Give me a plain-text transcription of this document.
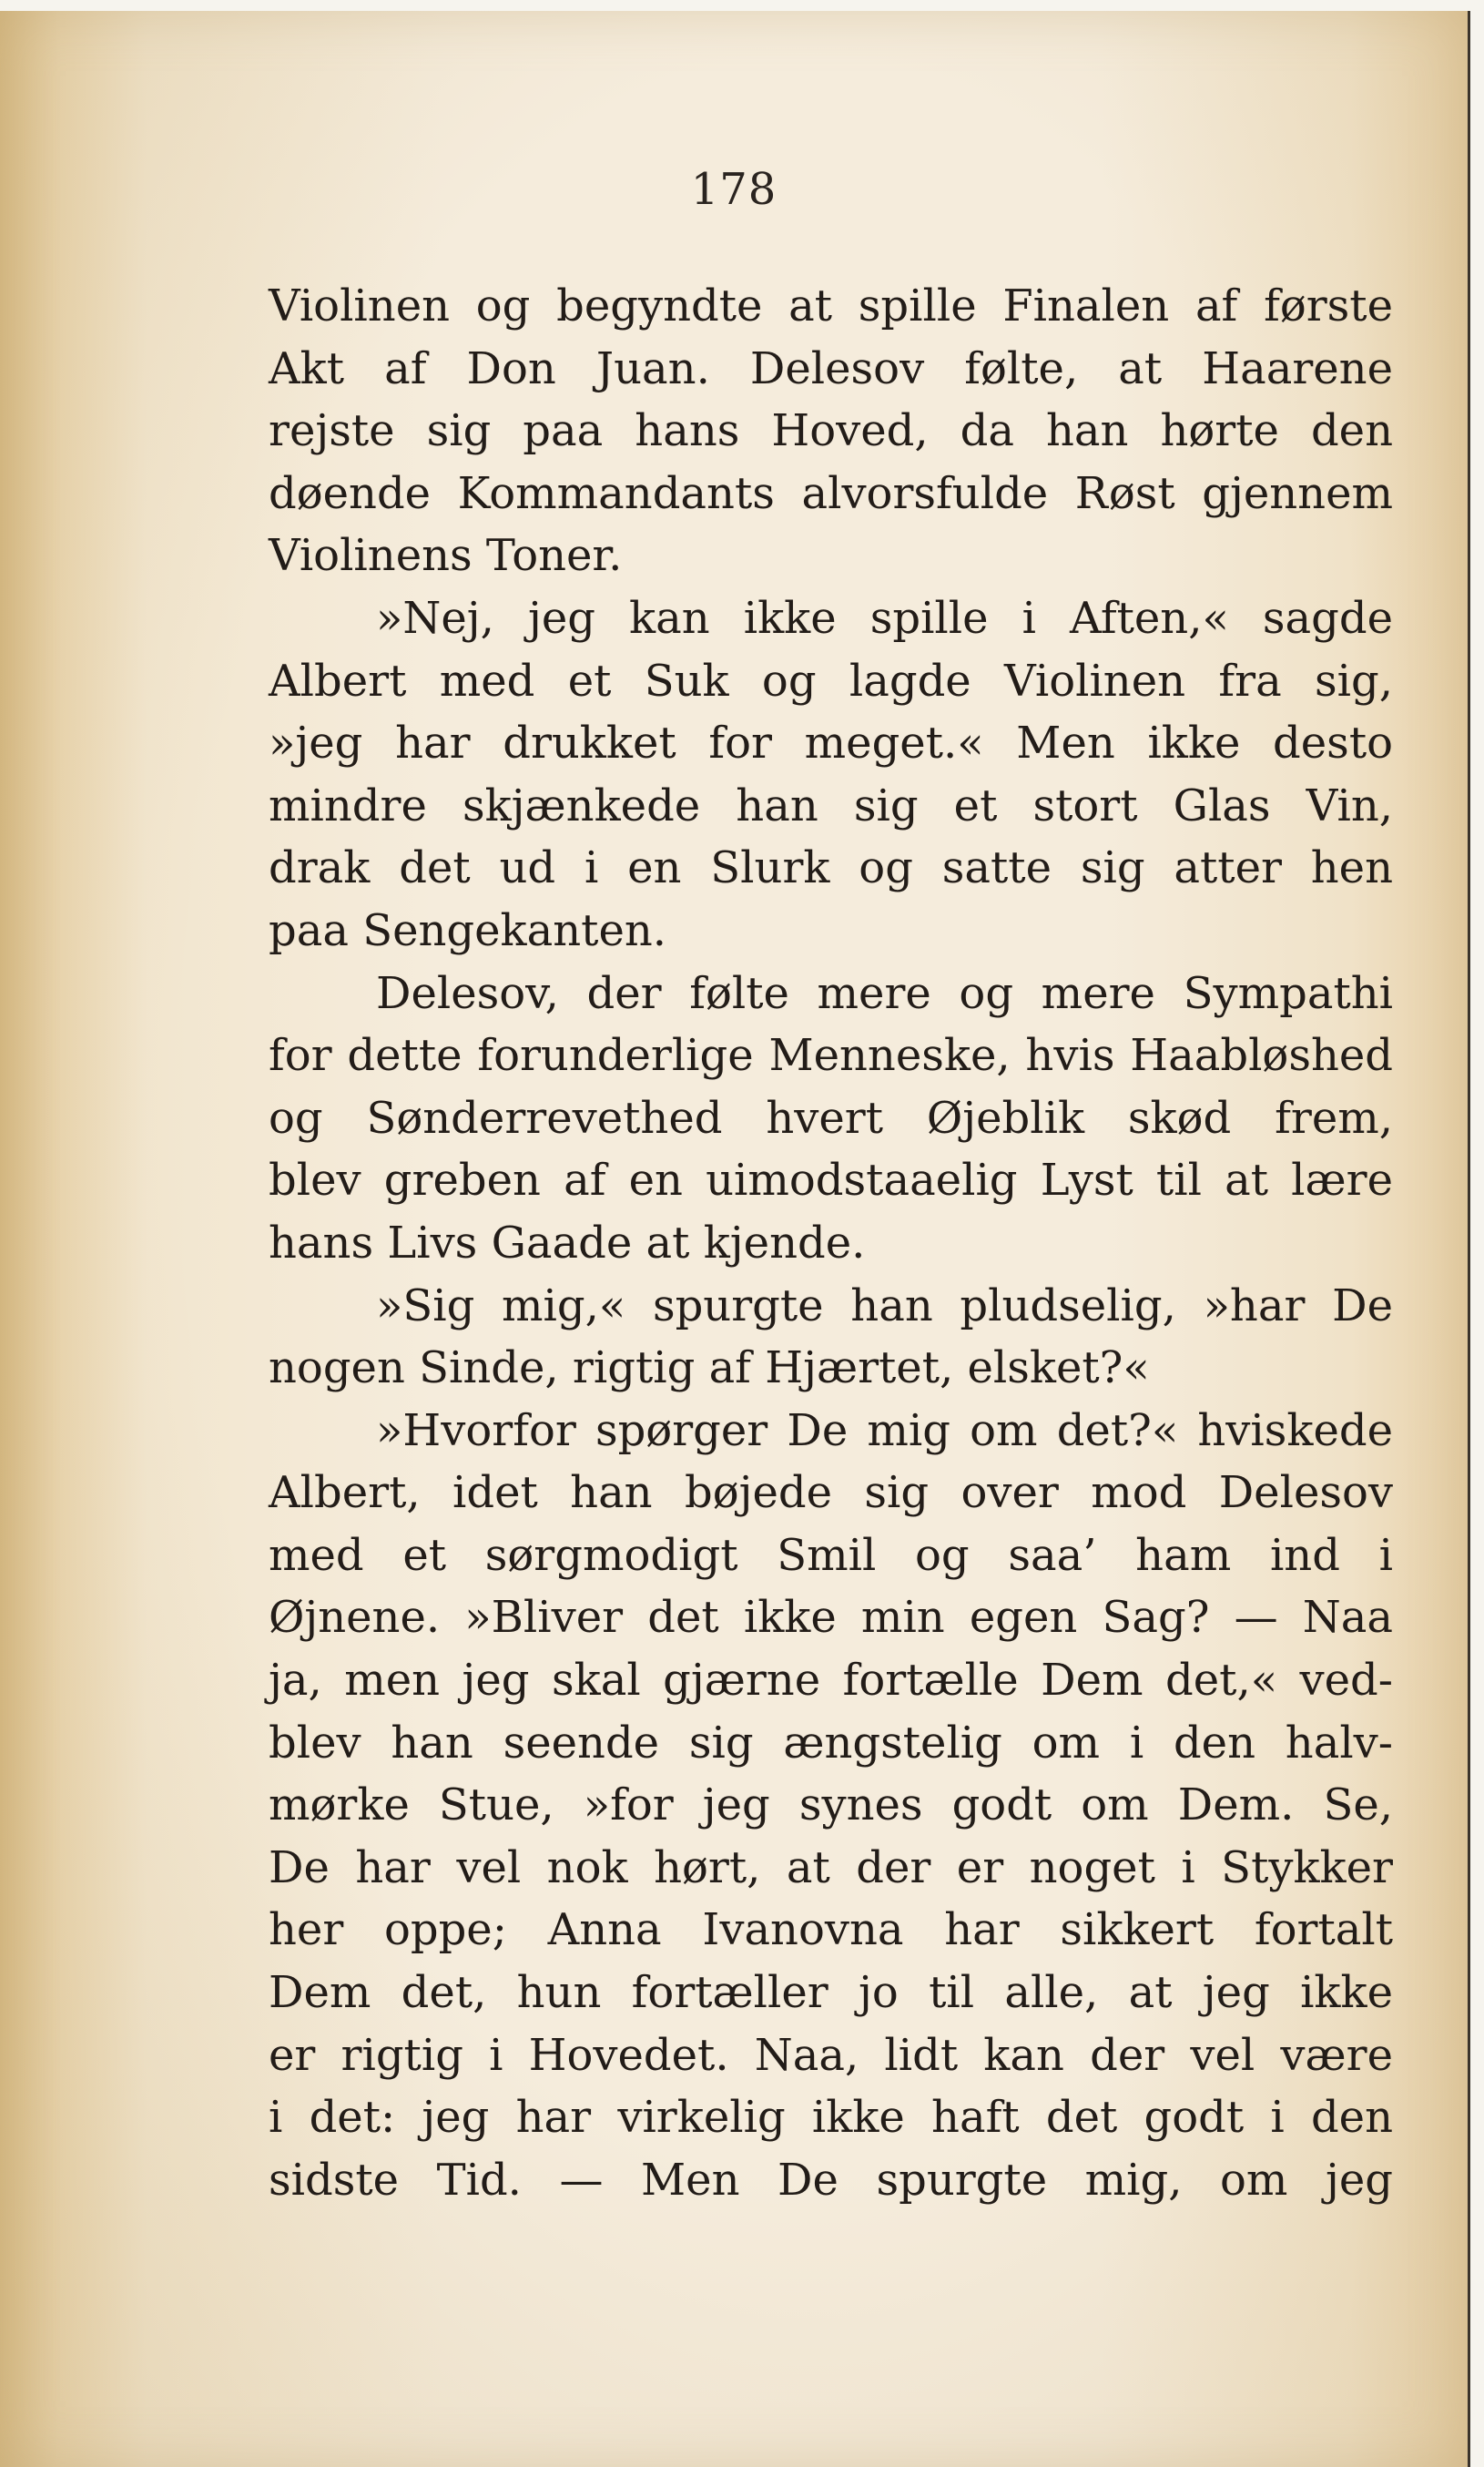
178
Violinen og begyndte at spille Finalen af første
Akt af Don Juan. Delesov følte, at Haarene
rejste sig paa hans Hoved, da han hørte den
døende Kommandants alvorsfulde Røst gjennem
Violinens Toner.
»Nej, jeg kan ikke spille i Aften,« sagde
Albert med et Suk og lagde Violinen fra sig,
»jeg har drukket for meget.« Men ikke desto
mindre skjænkede han sig et stort Glas Vin,
drak det ud i en Slurk og satte sig atter hen
paa Sengekanten.
Delesov, der følte mere og mere Sympathi
for dette forunderlige Menneske, hvis Haabløshed
og Sønderrevethed hvert Øjeblik skød frem,
blev greben af en uimodstaaelig Lyst til at lære
hans Livs Gaade at kjende.
»Sig mig,« spurgte han pludselig, »har De
nogen Sinde, rigtig af Hjærtet, elsket?«
»Hvorfor spørger De mig om det?« hviskede
Albert, idet han bøjede sig over mod Delesov
med et sørgmodigt Smil og saa’ ham ind i
Øjnene. »Bliver det ikke min egen Sag? — Naa
ja, men jeg skal gjærne fortælle Dem det,« ved-
blev han seende sig ængstelig om i den halv-
mørke Stue, »for jeg synes godt om Dem. Se,
De har vel nok hørt, at der er noget i Stykker
her oppe; Anna Ivanovna har sikkert fortalt
Dem det, hun fortæller jo til alle, at jeg ikke
er rigtig i Hovedet. Naa, lidt kan der vel være
i det: jeg har virkelig ikke haft det godt i den
sidste Tid. — Men De spurgte mig, om jeg
